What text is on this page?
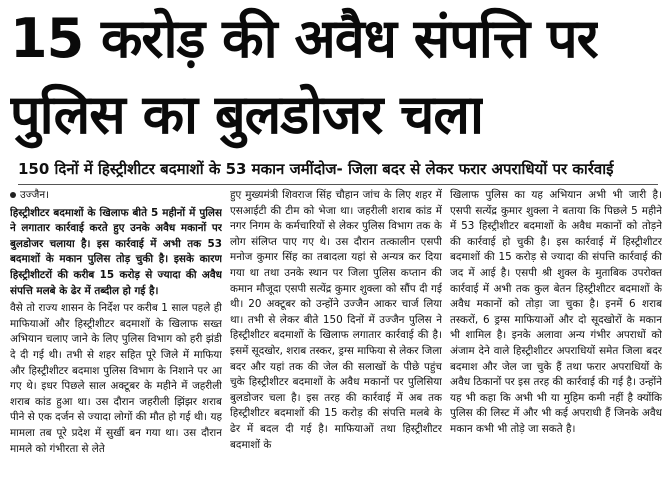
15 करोड़ की अवैध संपत्ति पर
पुलिस का बुलडोजर चला
150 दिनों में हिस्ट्रीशीटर बदमाशों के 53 मकान जमींदोज- जिला बदर से लेकर फरार अपराधियों पर कार्रवाई

उज्जैन।

हिस्ट्रीशीटर बदमाशों के खिलाफ बीते 5 महीनों में पुलिस ने लगातार कार्रवाई करते हुए उनके अवैध मकानों पर बुलडोजर चलाया है। इस कार्रवाई में अभी तक 53 बदमाशों के मकान पुलिस तोड़ चुकी है। इसके कारण हिस्ट्रीशीटरों की करीब 15 करोड़ से ज्यादा की अवैध संपत्ति मलबे के ढेर में तब्दील हो गई है।

वैसे तो राज्य शासन के निर्देश पर करीब 1 साल पहले ही माफियाओं और हिस्ट्रीशीटर बदमाशों के खिलाफ सख्त अभियान चलाए जाने के लिए पुलिस विभाग को हरी झंडी दे दी गई थी। तभी से शहर सहित पूरे जिले में माफिया और हिस्ट्रीशीटर बदमाश पुलिस विभाग के निशाने पर आ गए थे। इधर पिछले साल अक्टूबर के महीने में जहरीली शराब कांड हुआ था। उस दौरान जहरीली झिंझर शराब पीने से एक दर्जन से ज्यादा लोगों की मौत हो गई थी। यह मामला तब पूरे प्रदेश में सुर्खी बन गया था। उस दौरान मामले को गंभीरता से लेते

हुए मुख्यमंत्री शिवराज सिंह चौहान जांच के लिए शहर में एसआईटी की टीम को भेजा था। जहरीली शराब कांड में नगर निगम के कर्मचारियों से लेकर पुलिस विभाग तक के लोग संलिप्त पाए गए थे। उस दौरान तत्कालीन एसपी मनोज कुमार सिंह का तबादला यहां से अन्यत्र कर दिया गया था तथा उनके स्थान पर जिला पुलिस कप्तान की कमान मौजूदा एसपी सत्येंद्र कुमार शुक्ला को सौंप दी गई थी। 20 अक्टूबर को उन्होंने उज्जैन आकर चार्ज लिया था। तभी से लेकर बीते 150 दिनों में उज्जैन पुलिस ने हिस्ट्रीशीटर बदमाशों के खिलाफ लगातार कार्रवाई की है। इसमें सूदखोर, शराब तस्कर, ड्रग्स माफिया से लेकर जिला बदर और यहां तक की जेल की सलाखों के पीछे पहुंच चुके हिस्ट्रीशीटर बदमाशों के अवैध मकानों पर पुलिसिया बुलडोजर चला है। इस तरह की कार्रवाई में अब तक हिस्ट्रीशीटर बदमाशों की 15 करोड़ की संपत्ति मलबे के ढेर में बदल दी गई है। माफियाओं तथा हिस्ट्रीशीटर बदमाशों के

खिलाफ पुलिस का यह अभियान अभी भी जारी है। एसपी सत्येंद्र कुमार शुक्ला ने बताया कि पिछले 5 महीने में 53 हिस्ट्रीशीटर बदमाशों के अवैध मकानों को तोड़ने की कार्रवाई हो चुकी है। इस कार्रवाई में हिस्ट्रीशीटर बदमाशों की 15 करोड़ से ज्यादा की संपत्ति कार्रवाई की जद में आई है। एसपी श्री शुक्ल के मुताबिक उपरोक्त कार्रवाई में अभी तक कुल बेतन हिस्ट्रीशीटर बदमाशों के अवैध मकानों को तोड़ा जा चुका है। इनमें 6 शराब तस्करों, 6 ड्रग्स माफियाओं और दो सूदखोरों के मकान भी शामिल है। इनके अलावा अन्य गंभीर अपराधों को अंजाम देने वाले हिस्ट्रीशीटर अपराधियों समेत जिला बदर बदमाश और जेल जा चुके हैं तथा फरार अपराधियों के अवैध ठिकानों पर इस तरह की कार्रवाई की गई है। उन्होंने यह भी कहा कि अभी भी या मुहिम कमी नहीं है क्योंकि पुलिस की लिस्ट में और भी कई अपराधी हैं जिनके अवैध मकान कभी भी तोड़े जा सकते है।
